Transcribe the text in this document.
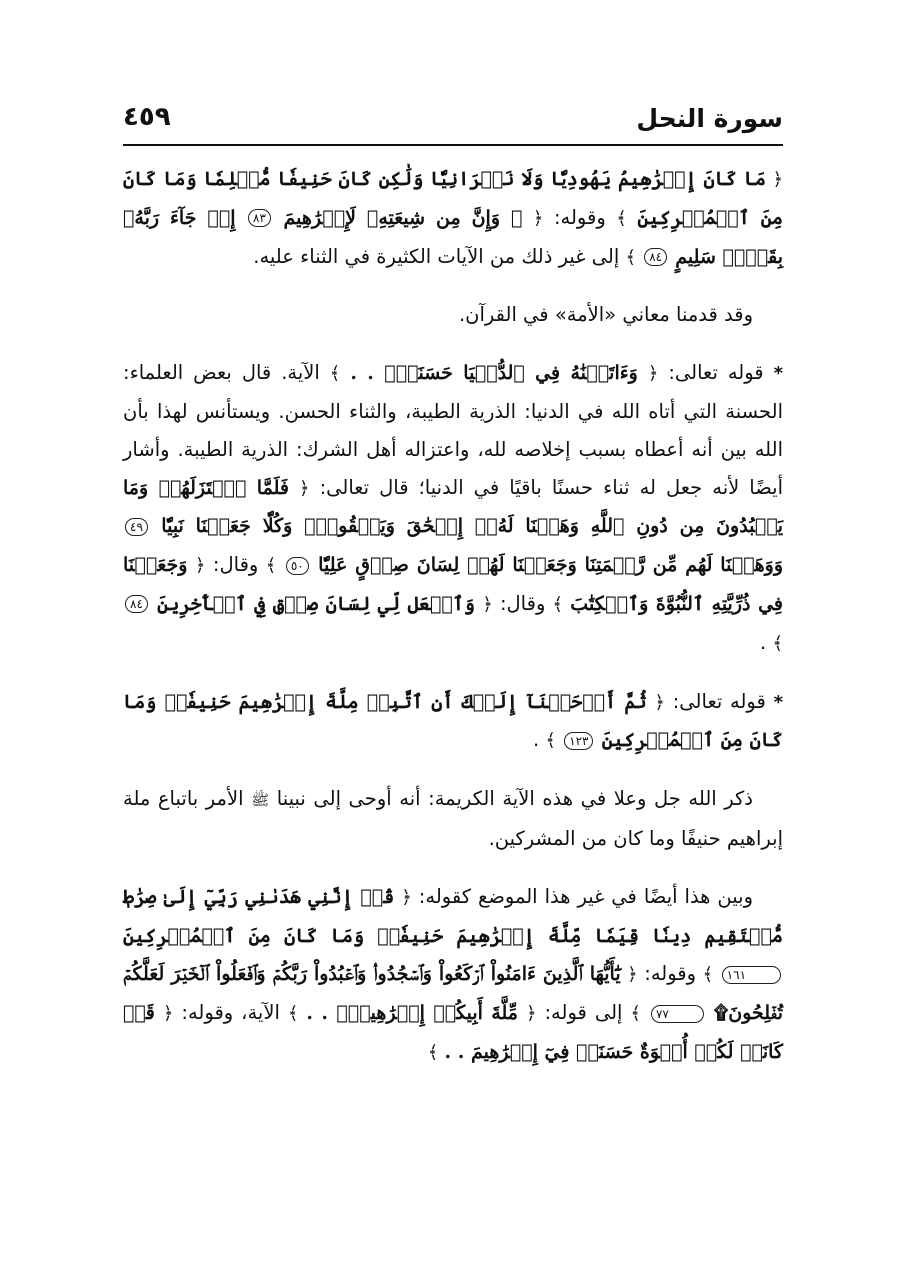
سورة النحل
٤٥٩

﴿ مَا كَانَ إِبۡرَٰهِيمُ يَهُودِيّٗا وَلَا نَصۡرَانِيّٗا وَلَٰكِن كَانَ حَنِيفٗا مُّسۡلِمٗا وَمَا كَانَ مِنَ ٱلۡمُشۡرِكِينَ ﴾ وقوله: ﴿ ۞ وَإِنَّ مِن شِيعَتِهِۦ لَإِبۡرَٰهِيمَ ٨٣ إِذۡ جَآءَ رَبَّهُۥ بِقَلۡبٖ سَلِيمٍ ٨٤ ﴾ إلى غير ذلك من الآيات الكثيرة في الثناء عليه.

وقد قدمنا معاني «الأمة» في القرآن.

* قوله تعالى: ﴿ وَءَاتَيۡنَٰهُ فِي ٱلدُّنۡيَا حَسَنَةٗۖ . . ﴾ الآية. قال بعض العلماء: الحسنة التي أتاه الله في الدنيا: الذرية الطيبة، والثناء الحسن. ويستأنس لهذا بأن الله بين أنه أعطاه بسبب إخلاصه لله، واعتزاله أهل الشرك: الذرية الطيبة. وأشار أيضًا لأنه جعل له ثناء حسنًا باقيًا في الدنيا؛ قال تعالى: ﴿ فَلَمَّا ٱعۡتَزَلَهُمۡ وَمَا يَعۡبُدُونَ مِن دُونِ ٱللَّهِ وَهَبۡنَا لَهُۥٓ إِسۡحَٰقَ وَيَعۡقُوبَۖ وَكُلّٗا جَعَلۡنَا نَبِيّٗا ٤٩ وَوَهَبۡنَا لَهُم مِّن رَّحۡمَتِنَا وَجَعَلۡنَا لَهُمۡ لِسَانَ صِدۡقٍ عَلِيّٗا ٥٠ ﴾ وقال: ﴿ وَجَعَلۡنَا فِي ذُرِّيَّتِهِ ٱلنُّبُوَّةَ وَٱلۡكِتَٰبَ ﴾ وقال: ﴿ وَٱجۡعَل لِّي لِسَانَ صِدۡقٖ فِي ٱلۡأٓخِرِينَ ٨٤ ﴾ .

* قوله تعالى: ﴿ ثُمَّ أَوۡحَيۡنَآ إِلَيۡكَ أَنِ ٱتَّبِعۡ مِلَّةَ إِبۡرَٰهِيمَ حَنِيفٗاۖ وَمَا كَانَ مِنَ ٱلۡمُشۡرِكِينَ ١٢٣ ﴾ .

ذكر الله جل وعلا في هذه الآية الكريمة: أنه أوحى إلى نبينا ﷺ الأمر باتباع ملة إبراهيم حنيفًا وما كان من المشركين.

وبين هذا أيضًا في غير هذا الموضع كقوله: ﴿ قُلۡ إِنَّنِي هَدَىٰنِي رَبِّيٓ إِلَىٰ صِرَٰطٖ مُّسۡتَقِيمٖ دِينٗا قِيَمٗا مِّلَّةَ إِبۡرَٰهِيمَ حَنِيفٗاۚ وَمَا كَانَ مِنَ ٱلۡمُشۡرِكِينَ ١٦١ ﴾ وقوله: ﴿ يَٰٓأَيُّهَا ٱلَّذِينَ ءَامَنُواْ ٱرۡكَعُواْ وَٱسۡجُدُواْۤ وَٱعۡبُدُواْ رَبَّكُمۡ وَٱفۡعَلُواْ ٱلۡخَيۡرَ لَعَلَّكُمۡ تُفۡلِحُونَ۩ ٧٧ ﴾ إلى قوله: ﴿ مِّلَّةَ أَبِيكُمۡ إِبۡرَٰهِيمَۚ . . ﴾ الآية، وقوله: ﴿ قَدۡ كَانَتۡ لَكُمۡ أُسۡوَةٌ حَسَنَةٞ فِيٓ إِبۡرَٰهِيمَ . . ﴾
